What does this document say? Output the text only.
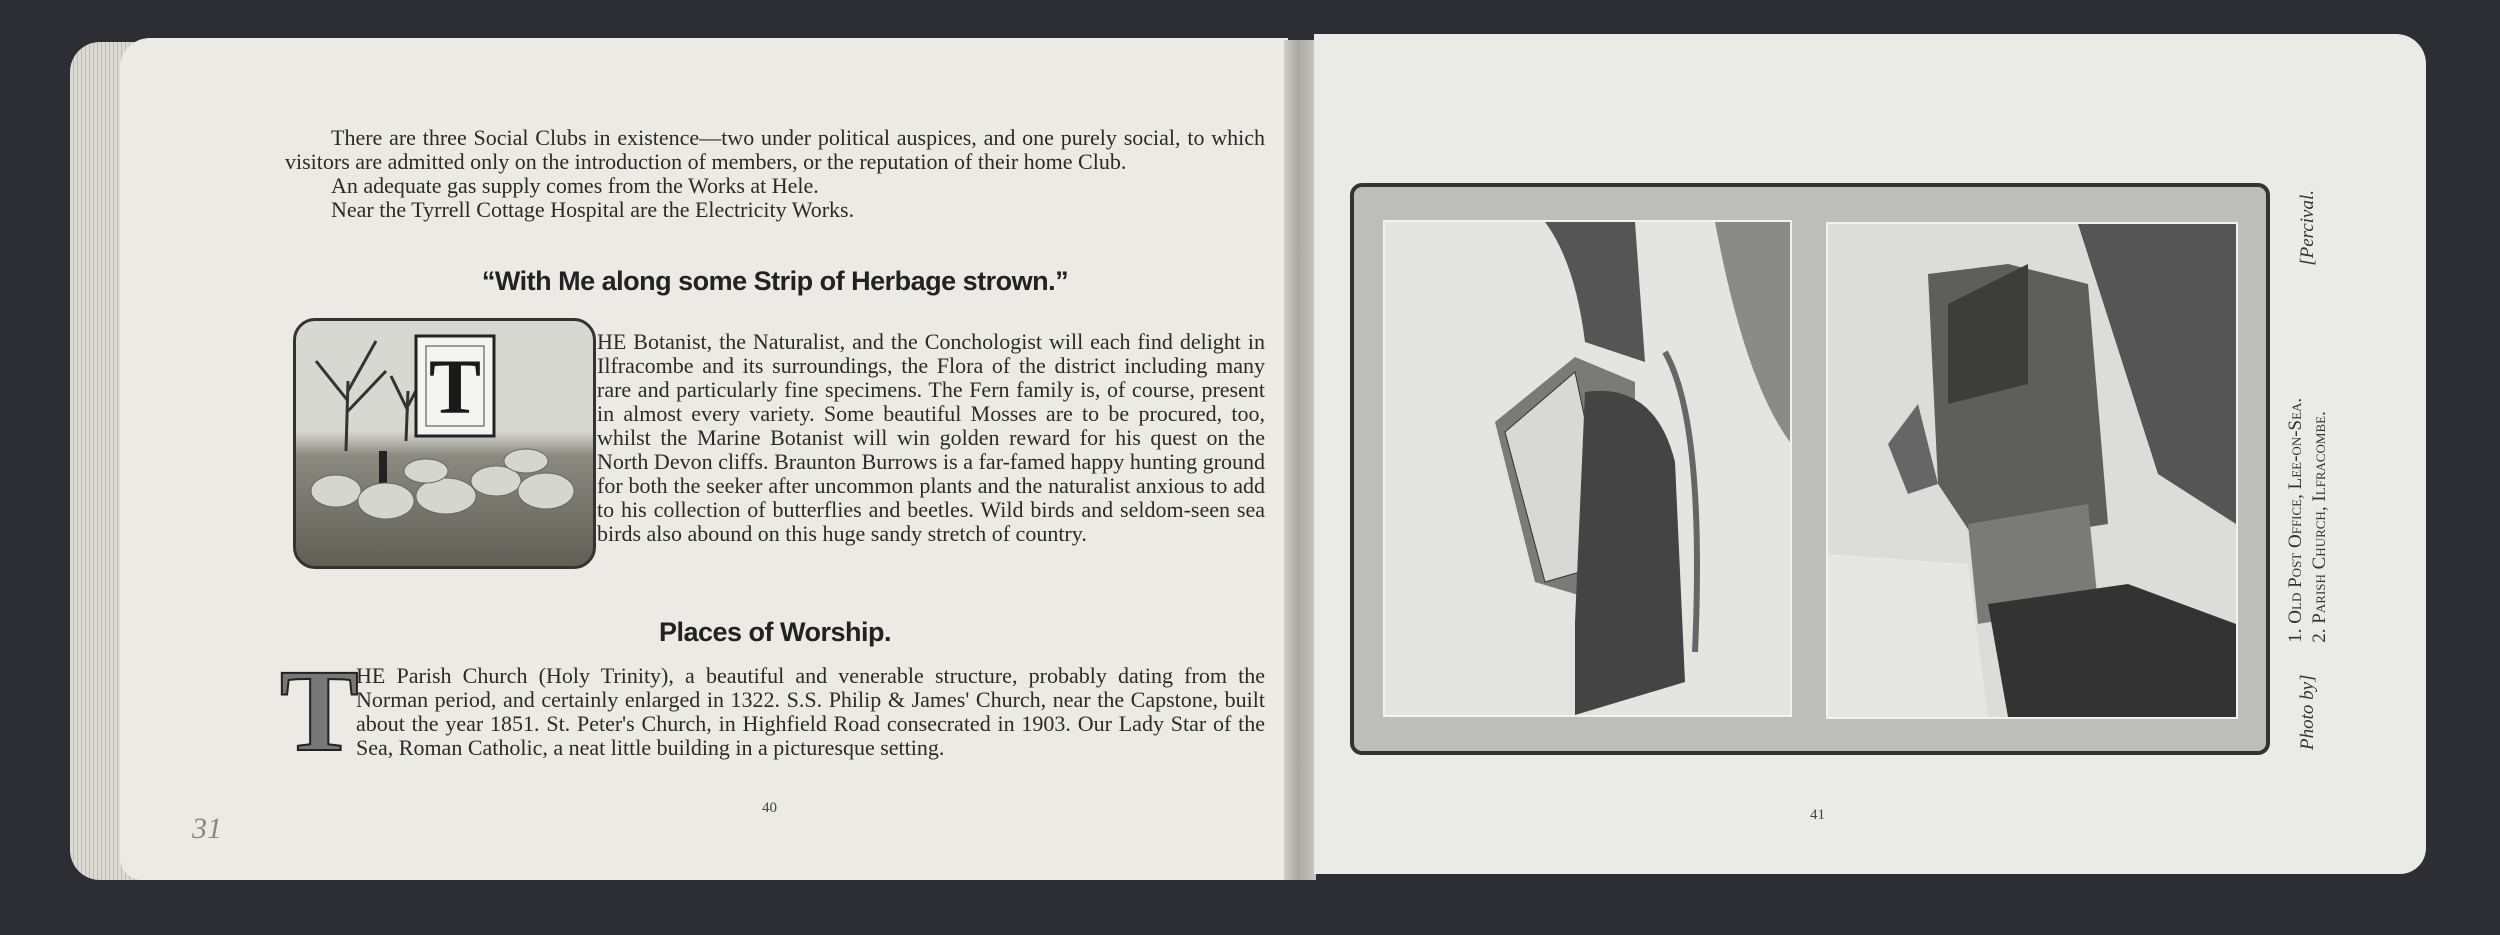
31

There are three Social Clubs in existence—two under political auspices, and one purely social, to which visitors are admitted only on the introduction of members, or the reputation of their home Club.

An adequate gas supply comes from the Works at Hele.

Near the Tyrrell Cottage Hospital are the Electricity Works.

“With Me along some Strip of Herbage strown.”
T

HE Botanist, the Naturalist, and the Conchologist will each find delight in Ilfracombe and its surroundings, the Flora of the district including many rare and particularly fine specimens. The Fern family is, of course, present in almost every variety. Some beautiful Mosses are to be procured, too, whilst the Marine Botanist will win golden reward for his quest on the North Devon cliffs. Braunton Burrows is a far-famed happy hunting ground for both the seeker after uncommon plants and the naturalist anxious to add to his collection of butterflies and beetles. Wild birds and seldom-seen sea birds also abound on this huge sandy stretch of country.

Places of Worship.
T

HE Parish Church (Holy Trinity), a beautiful and venerable structure, probably dating from the Norman period, and certainly enlarged in 1322. S.S. Philip & James' Church, near the Capstone, built about the year 1851. St. Peter's Church, in Highfield Road consecrated in 1903. Our Lady Star of the Sea, Roman Catholic, a neat little building in a picturesque setting.

40
Photo by]
1. Old Post Office, Lee-on-Sea. 2. Parish Church, Ilfracombe.
[Percival.
41
